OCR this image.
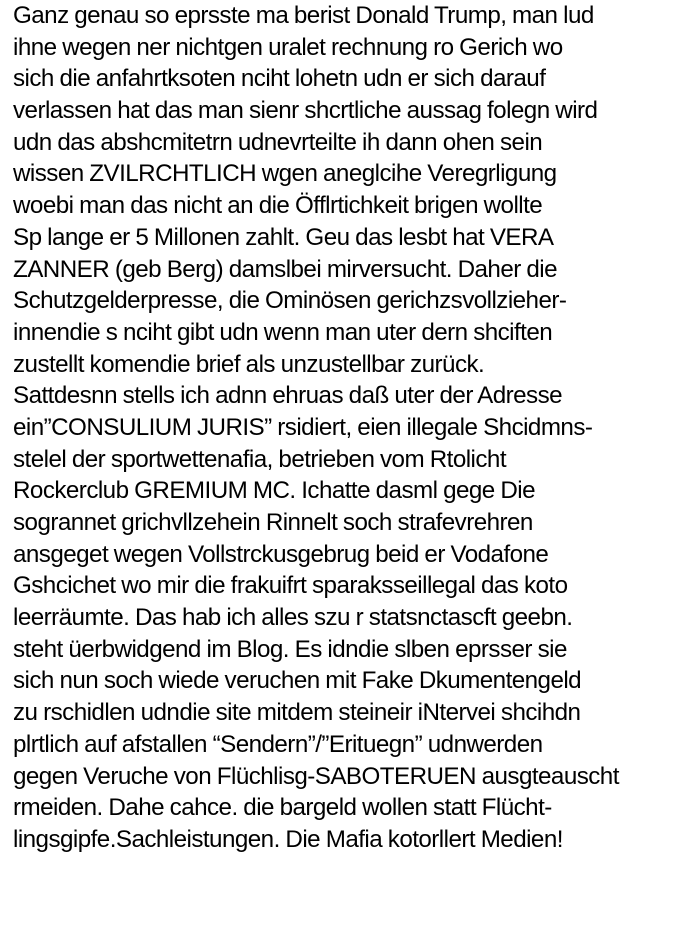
Ganz genau so eprsste ma berist Donald Trump, man lud
ihne wegen ner nichtgen uralet rechnung ro Gerich wo
sich die anfahrtksoten nciht lohetn udn er sich darauf
verlassen hat das man sienr shcrtliche aussag folegn wird
udn das abshcmitetrn udnevrteilte ih dann ohen sein
wissen ZVILRCHTLICH wgen aneglcihe Veregrligung
woebi man das nicht an die Öfflrtichkeit brigen wollte
Sp lange er 5 Millonen zahlt. Geu das lesbt hat VERA
ZANNER (geb Berg) damslbei mirversucht. Daher die
Schutzgelderpresse, die Ominösen gerichzsvollzieher-
innendie s nciht gibt udn wenn man uter dern shciften
zustellt komendie brief als unzustellbar zurück.
Sattdesnn stells ich adnn ehruas daß uter der Adresse
ein”CONSULIUM JURIS” rsidiert, eien illegale Shcidmns-
stelel der sportwettenafia, betrieben vom Rtolicht
Rockerclub GREMIUM MC. Ichatte dasml gege Die
sogrannet grichvllzehein Rinnelt soch strafevrehren
ansgeget wegen Vollstrckusgebrug beid er Vodafone
Gshcichet wo mir die frakuifrt sparaksseillegal das koto
leerräumte. Das hab ich alles szu r statsnctascft geebn.
steht üerbwidgend im Blog. Es idndie slben eprsser sie
sich nun soch wiede veruchen mit Fake Dkumentengeld
zu rschidlen udndie site mitdem steineir iNtervei shcihdn
plrtlich auf afstallen “Sendern”/”Erituegn” udnwerden
gegen Veruche von Flüchlisg-SABOTERUEN ausgteauscht
rmeiden. Dahe cahce. die bargeld wollen statt Flücht-
lingsgipfe.Sachleistungen. Die Mafia kotorllert Medien!
